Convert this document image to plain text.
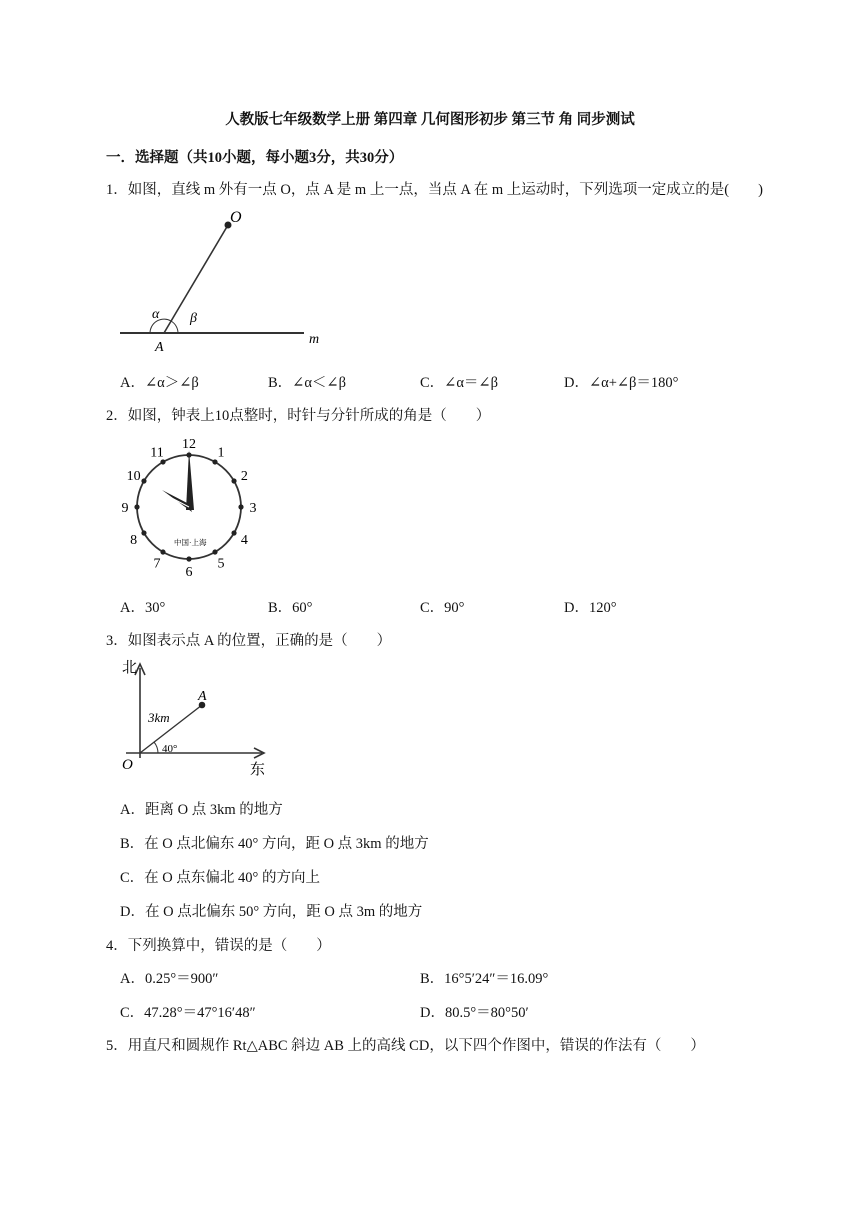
人教版七年级数学上册 第四章 几何图形初步 第三节 角 同步测试
一．选择题（共10小题，每小题3分，共30分）
1．如图，直线 m 外有一点 O，点 A 是 m 上一点，当点 A 在 m 上运动时，下列选项一定成立的是(　　)
O
α β
A
m
A．∠α＞∠β	B．∠α＜∠β	C．∠α＝∠β	D．∠α+∠β＝180°
2．如图，钟表上10点整时，时针与分针所成的角是（　　）
12
1
2
3
4
5
6
7
8
9
10
11
中国·上海
A．30°	B．60°	C．90°	D．120°
3．如图表示点 A 的位置，正确的是（　　）
北
东
O
A
3km
40°
A．距离 O 点 3km 的地方
B．在 O 点北偏东 40° 方向，距 O 点 3km 的地方
C．在 O 点东偏北 40° 的方向上
D．在 O 点北偏东 50° 方向，距 O 点 3m 的地方
4．下列换算中，错误的是（　　）
A．0.25°＝900″	B．16°5′24″＝16.09°
C．47.28°＝47°16′48″	D．80.5°＝80°50′
5．用直尺和圆规作 Rt△ABC 斜边 AB 上的高线 CD，以下四个作图中，错误的作法有（　　）
